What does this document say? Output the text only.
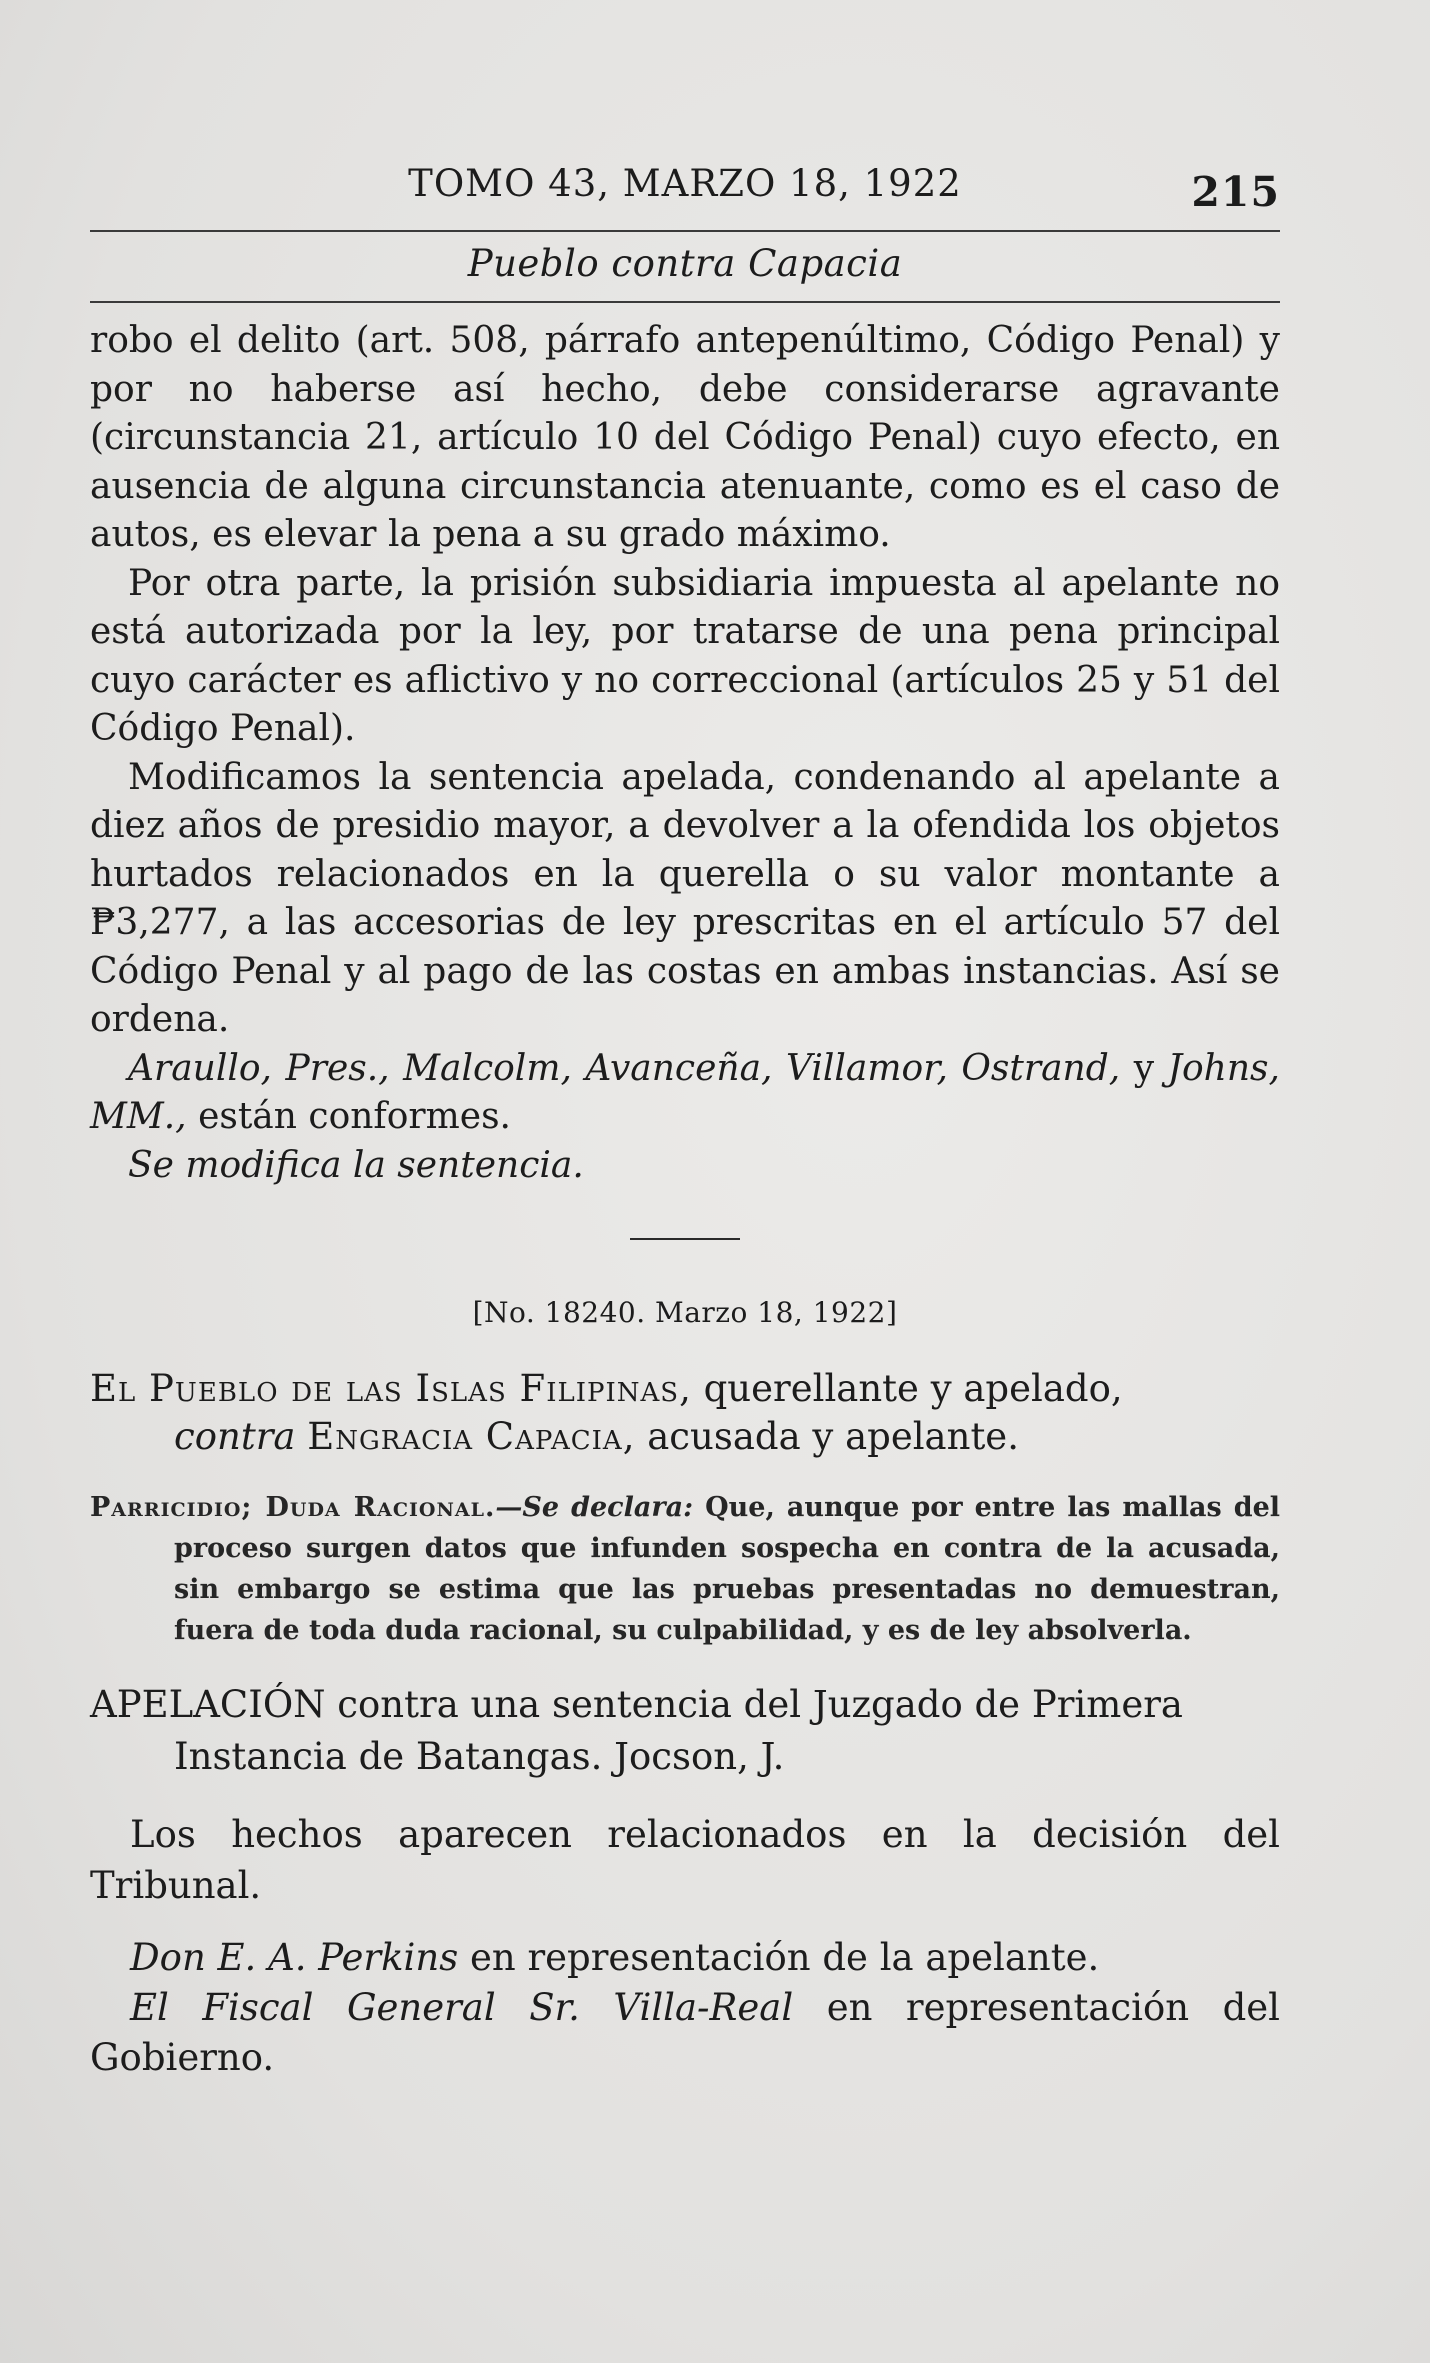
TOMO 43, MARZO 18, 1922	215
Pueblo contra Capacia

robo el delito (art. 508, párrafo antepenúltimo, Código Penal) y por no haberse así hecho, debe considerarse agravante (circunstancia 21, artículo 10 del Código Penal) cuyo efecto, en ausencia de alguna circunstancia atenuante, como es el caso de autos, es elevar la pena a su grado máximo.

Por otra parte, la prisión subsidiaria impuesta al apelante no está autorizada por la ley, por tratarse de una pena principal cuyo carácter es aflictivo y no correccional (artículos 25 y 51 del Código Penal).

Modificamos la sentencia apelada, condenando al apelante a diez años de presidio mayor, a devolver a la ofendida los objetos hurtados relacionados en la querella o su valor montante a ₱3,277, a las accesorias de ley prescritas en el artículo 57 del Código Penal y al pago de las costas en ambas instancias. Así se ordena.

Araullo, Pres., Malcolm, Avanceña, Villamor, Ostrand, y Johns, MM., están conformes.

Se modifica la sentencia.

[No. 18240. Marzo 18, 1922]
El Pueblo de las Islas Filipinas, querellante y apelado,
contra Engracia Capacia, acusada y apelante.
Parricidio; Duda Racional.—Se declara: Que, aunque por entre las mallas del proceso surgen datos que infunden sospecha en contra de la acusada, sin embargo se estima que las pruebas presentadas no demuestran, fuera de toda duda racional, su culpabilidad, y es de ley absolverla.
APELACIÓN contra una sentencia del Juzgado de Primera
Instancia de Batangas. Jocson, J.
Los hechos aparecen relacionados en la decisión del Tribunal.

Don E. A. Perkins en representación de la apelante.

El Fiscal General Sr. Villa-Real en representación del Gobierno.
